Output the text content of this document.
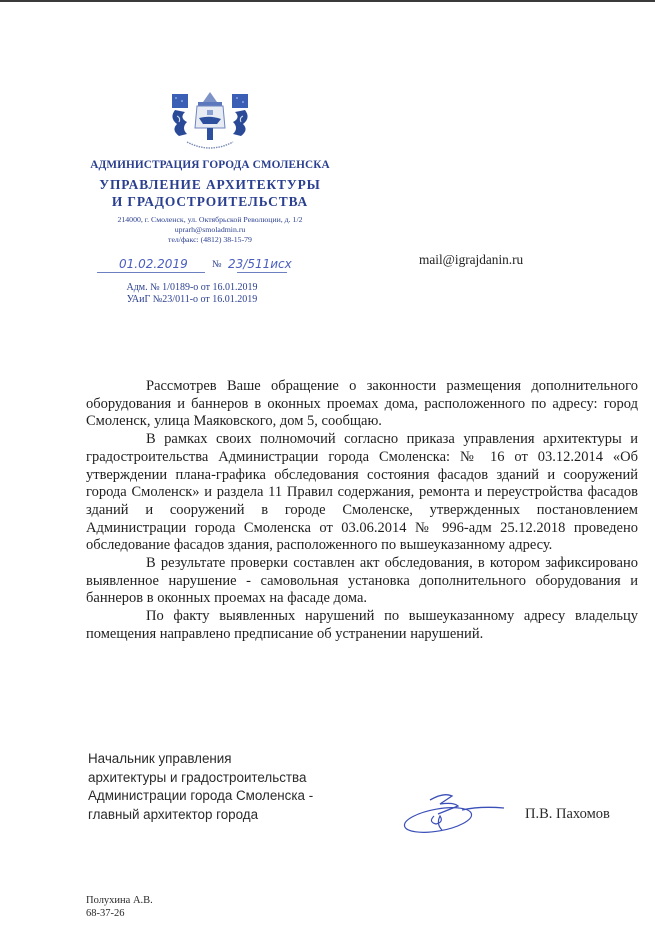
АДМИНИСТРАЦИЯ ГОРОДА СМОЛЕНСКА
УПРАВЛЕНИЕ АРХИТЕКТУРЫ
И ГРАДОСТРОИТЕЛЬСТВА
214000, г. Смоленск, ул. Октябрьской Революции, д. 1/2
uprarh@smoladmin.ru
тел/факс: (4812) 38-15-79
01.02.2019 № 23/511исх
Адм. № 1/0189-о от 16.01.2019
УАиГ №23/011-о от 16.01.2019
mail@igrajdanin.ru

Рассмотрев Ваше обращение о законности размещения дополнительного оборудования и баннеров в оконных проемах дома, расположенного по адресу: город Смоленск, улица Маяковского, дом 5, сообщаю.

В рамках своих полномочий согласно приказа управления архитектуры и градостроительства Администрации города Смоленска: № 16 от 03.12.2014 «Об утверждении плана-графика обследования состояния фасадов зданий и сооружений города Смоленск» и раздела 11 Правил содержания, ремонта и переустройства фасадов зданий и сооружений в городе Смоленске, утвержденных постановлением Администрации города Смоленска от 03.06.2014 № 996-адм 25.12.2018 проведено обследование фасадов здания, расположенного по вышеуказанному адресу.

В результате проверки составлен акт обследования, в котором зафиксировано выявленное нарушение - самовольная установка дополнительного оборудования и баннеров в оконных проемах на фасаде дома.

По факту выявленных нарушений по вышеуказанному адресу владельцу помещения направлено предписание об устранении нарушений.

Начальник управления
архитектуры и градостроительства
Администрации города Смоленска -
главный архитектор города	П.В. Пахомов
Полухина А.В.
68-37-26
